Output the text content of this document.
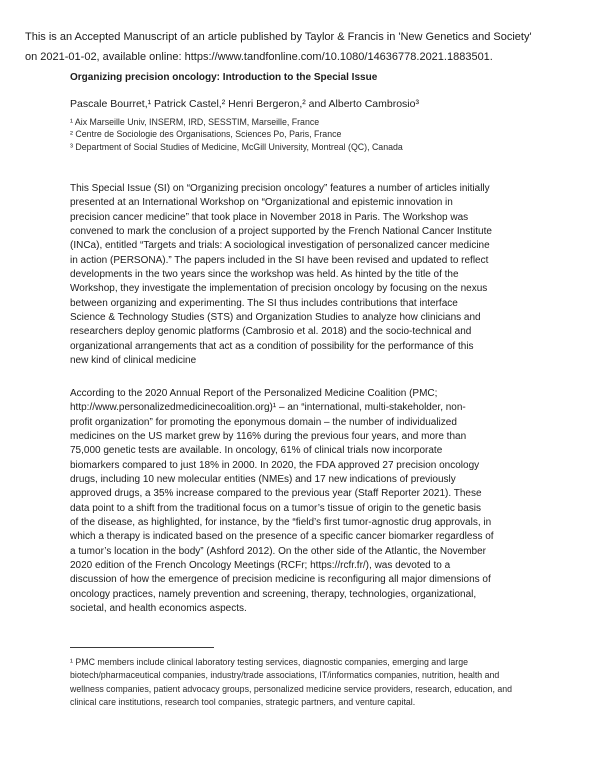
This is an Accepted Manuscript of an article published by Taylor & Francis in 'New Genetics and Society'
on 2021-01-02, available online: https://www.tandfonline.com/10.1080/14636778.2021.1883501.
Organizing precision oncology: Introduction to the Special Issue
Pascale Bourret,¹ Patrick Castel,² Henri Bergeron,² and Alberto Cambrosio³
¹ Aix Marseille Univ, INSERM, IRD, SESSTIM, Marseille, France
² Centre de Sociologie des Organisations, Sciences Po, Paris, France
³ Department of Social Studies of Medicine, McGill University, Montreal (QC), Canada
This Special Issue (SI) on “Organizing precision oncology” features a number of articles initially
presented at an International Workshop on “Organizational and epistemic innovation in
precision cancer medicine” that took place in November 2018 in Paris. The Workshop was
convened to mark the conclusion of a project supported by the French National Cancer Institute
(INCa), entitled “Targets and trials: A sociological investigation of personalized cancer medicine
in action (PERSONA).” The papers included in the SI have been revised and updated to reflect
developments in the two years since the workshop was held. As hinted by the title of the
Workshop, they investigate the implementation of precision oncology by focusing on the nexus
between organizing and experimenting. The SI thus includes contributions that interface
Science & Technology Studies (STS) and Organization Studies to analyze how clinicians and
researchers deploy genomic platforms (Cambrosio et al. 2018) and the socio-technical and
organizational arrangements that act as a condition of possibility for the performance of this
new kind of clinical medicine
According to the 2020 Annual Report of the Personalized Medicine Coalition (PMC;
http://www.personalizedmedicinecoalition.org)¹ – an “international, multi-stakeholder, non-
profit organization” for promoting the eponymous domain – the number of individualized
medicines on the US market grew by 116% during the previous four years, and more than
75,000 genetic tests are available. In oncology, 61% of clinical trials now incorporate
biomarkers compared to just 18% in 2000. In 2020, the FDA approved 27 precision oncology
drugs, including 10 new molecular entities (NMEs) and 17 new indications of previously
approved drugs, a 35% increase compared to the previous year (Staff Reporter 2021). These
data point to a shift from the traditional focus on a tumor’s tissue of origin to the genetic basis
of the disease, as highlighted, for instance, by the “field’s first tumor-agnostic drug approvals, in
which a therapy is indicated based on the presence of a specific cancer biomarker regardless of
a tumor’s location in the body” (Ashford 2012). On the other side of the Atlantic, the November
2020 edition of the French Oncology Meetings (RCFr; https://rcfr.fr/), was devoted to a
discussion of how the emergence of precision medicine is reconfiguring all major dimensions of
oncology practices, namely prevention and screening, therapy, technologies, organizational,
societal, and health economics aspects.
¹ PMC members include clinical laboratory testing services, diagnostic companies, emerging and large
biotech/pharmaceutical companies, industry/trade associations, IT/informatics companies, nutrition, health and
wellness companies, patient advocacy groups, personalized medicine service providers, research, education, and
clinical care institutions, research tool companies, strategic partners, and venture capital.
